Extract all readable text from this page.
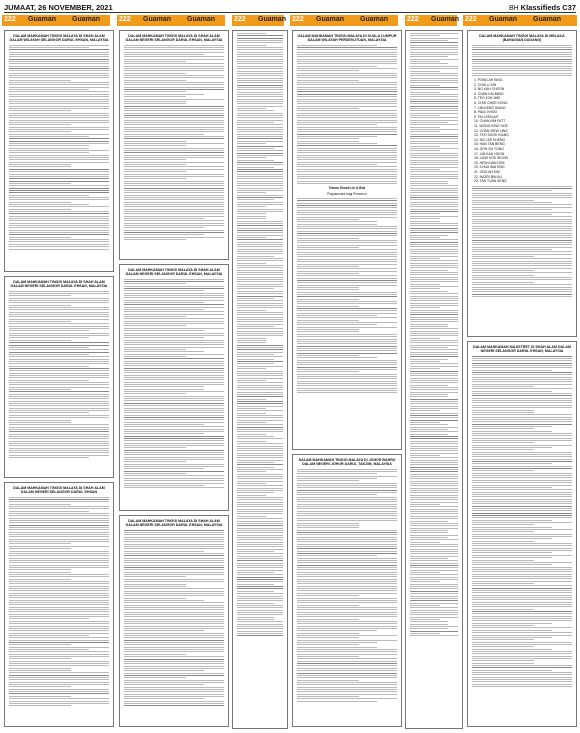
JUMAAT, 26 NOVEMBER, 2021	BH Klassifieds C37
222 Guaman Guaman	222 Guaman Guaman	222 Guaman 222 Guaman Guaman	222 Guaman 222 Guaman Guaman
DALAM MAHKAMAH TINGGI MALAYA DI SHAH ALAM DALAM WILAYAH SELANGOR DARUL EHSAN, MALAYSIA
DALAM MAHKAMAH TINGGI MALAYA DI SHAH ALAM DALAM NEGERI SELANGOR DARUL EHSAN, MALAYSIA
DALAM MAHKAMAH TINGGI MALAYA DI SHAH ALAM DALAM NEGERI SELANGOR DARUL EHSAN
DALAM MAHKAMAH TINGGI MALAYA DI SHAH ALAM DALAM NEGERI SELANGOR DARUL EHSAN, MALAYSIA
DALAM MAHKAMAH TINGGI MALAYA DI SHAH ALAM DALAM NEGERI SELANGOR DARUL EHSAN, MALAYSIA
DALAM MAHKAMAH TINGGI MALAYA DI SHAH ALAM DALAM NEGERI SELANGOR DARUL EHSAN, MALAYSIA
DALAM MAHKAMAH TINGGI MALAYA DI KUALA LUMPUR DALAM WILAYAH PERSEKUTUAN, MALAYSIA
Tetuan Shook Lin & Bok
Peguamcara bagi Pemohon
DALAM MAHKAMAH TINGGI MALAYA DI JOHOR BAHRU DALAM NEGERI JOHOR DARUL TAKZIM, MALAYSIA
DALAM MAHKAMAH TINGGI MALAYA DI MELAKA (BAHAGIAN DAGANG)
1. PONG AH SING
2. CHIA LI SIN
3. NG KAH CHOON
4. CHAN KAI MING
5. TEO KOK WEI
6. CHOI CHEE KONG
7. LIM KENG SIANG
8. PAUL KHOO
9. FAI LEEN AIT
10. CHAN KIM FATT
11. WONG KING HOE
12. CHAN SIEW LING
13. TEO SOOK KIANG
14. NG LEE KHENG
15. HAN TAN BENG
16. GOH SU YONG
17. LIM KAH HOON
18. LIEW KOK WOON
19. HEW KIAN HOE
20. CHUA WAI ENG
21. ONG AH KIM
22. NAZRI BIN ALI
23. TAN TUAN SENG
DALAM MAHKAMAH MAJISTRET DI SHAH ALAM DALAM NEGERI SELANGOR DARUL EHSAN, MALAYSIA
